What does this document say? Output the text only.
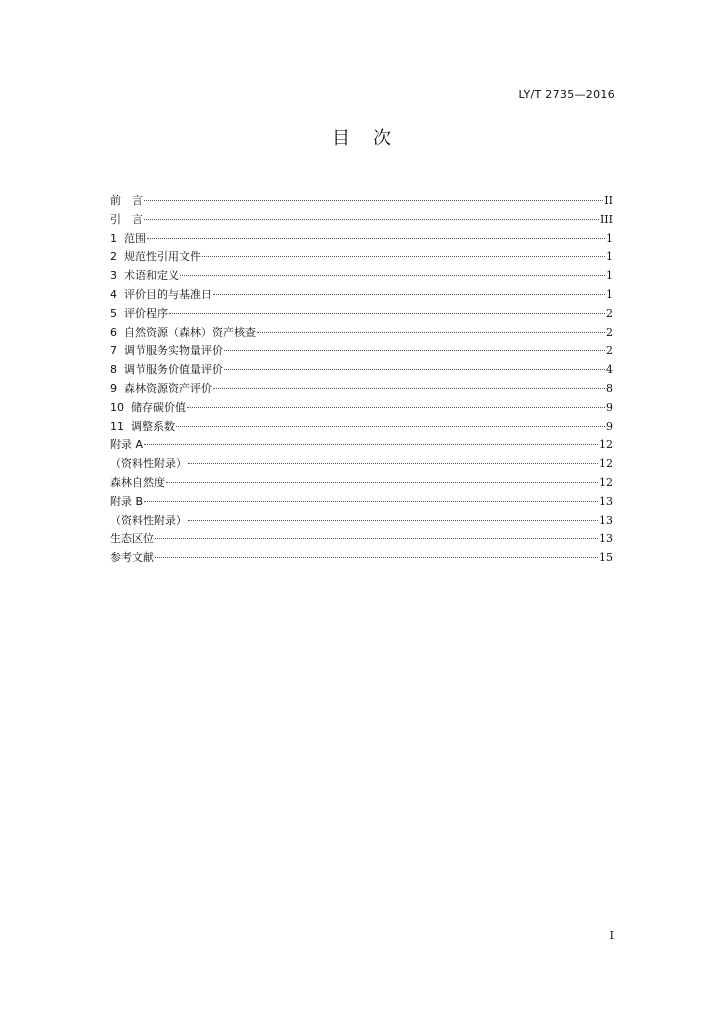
LY/T 2735—2016
目 次
前　言	II
引　言	III
1  范围	1
2  规范性引用文件	1
3  术语和定义	1
4  评价目的与基准日	1
5  评价程序	2
6  自然资源（森林）资产核查	2
7  调节服务实物量评价	2
8  调节服务价值量评价	4
9  森林资源资产评价	8
10  储存碳价值	9
11  调整系数	9
附录 A	12
（资料性附录）	12
森林自然度	12
附录 B	13
（资料性附录）	13
生态区位	13
参考文献	15
I
